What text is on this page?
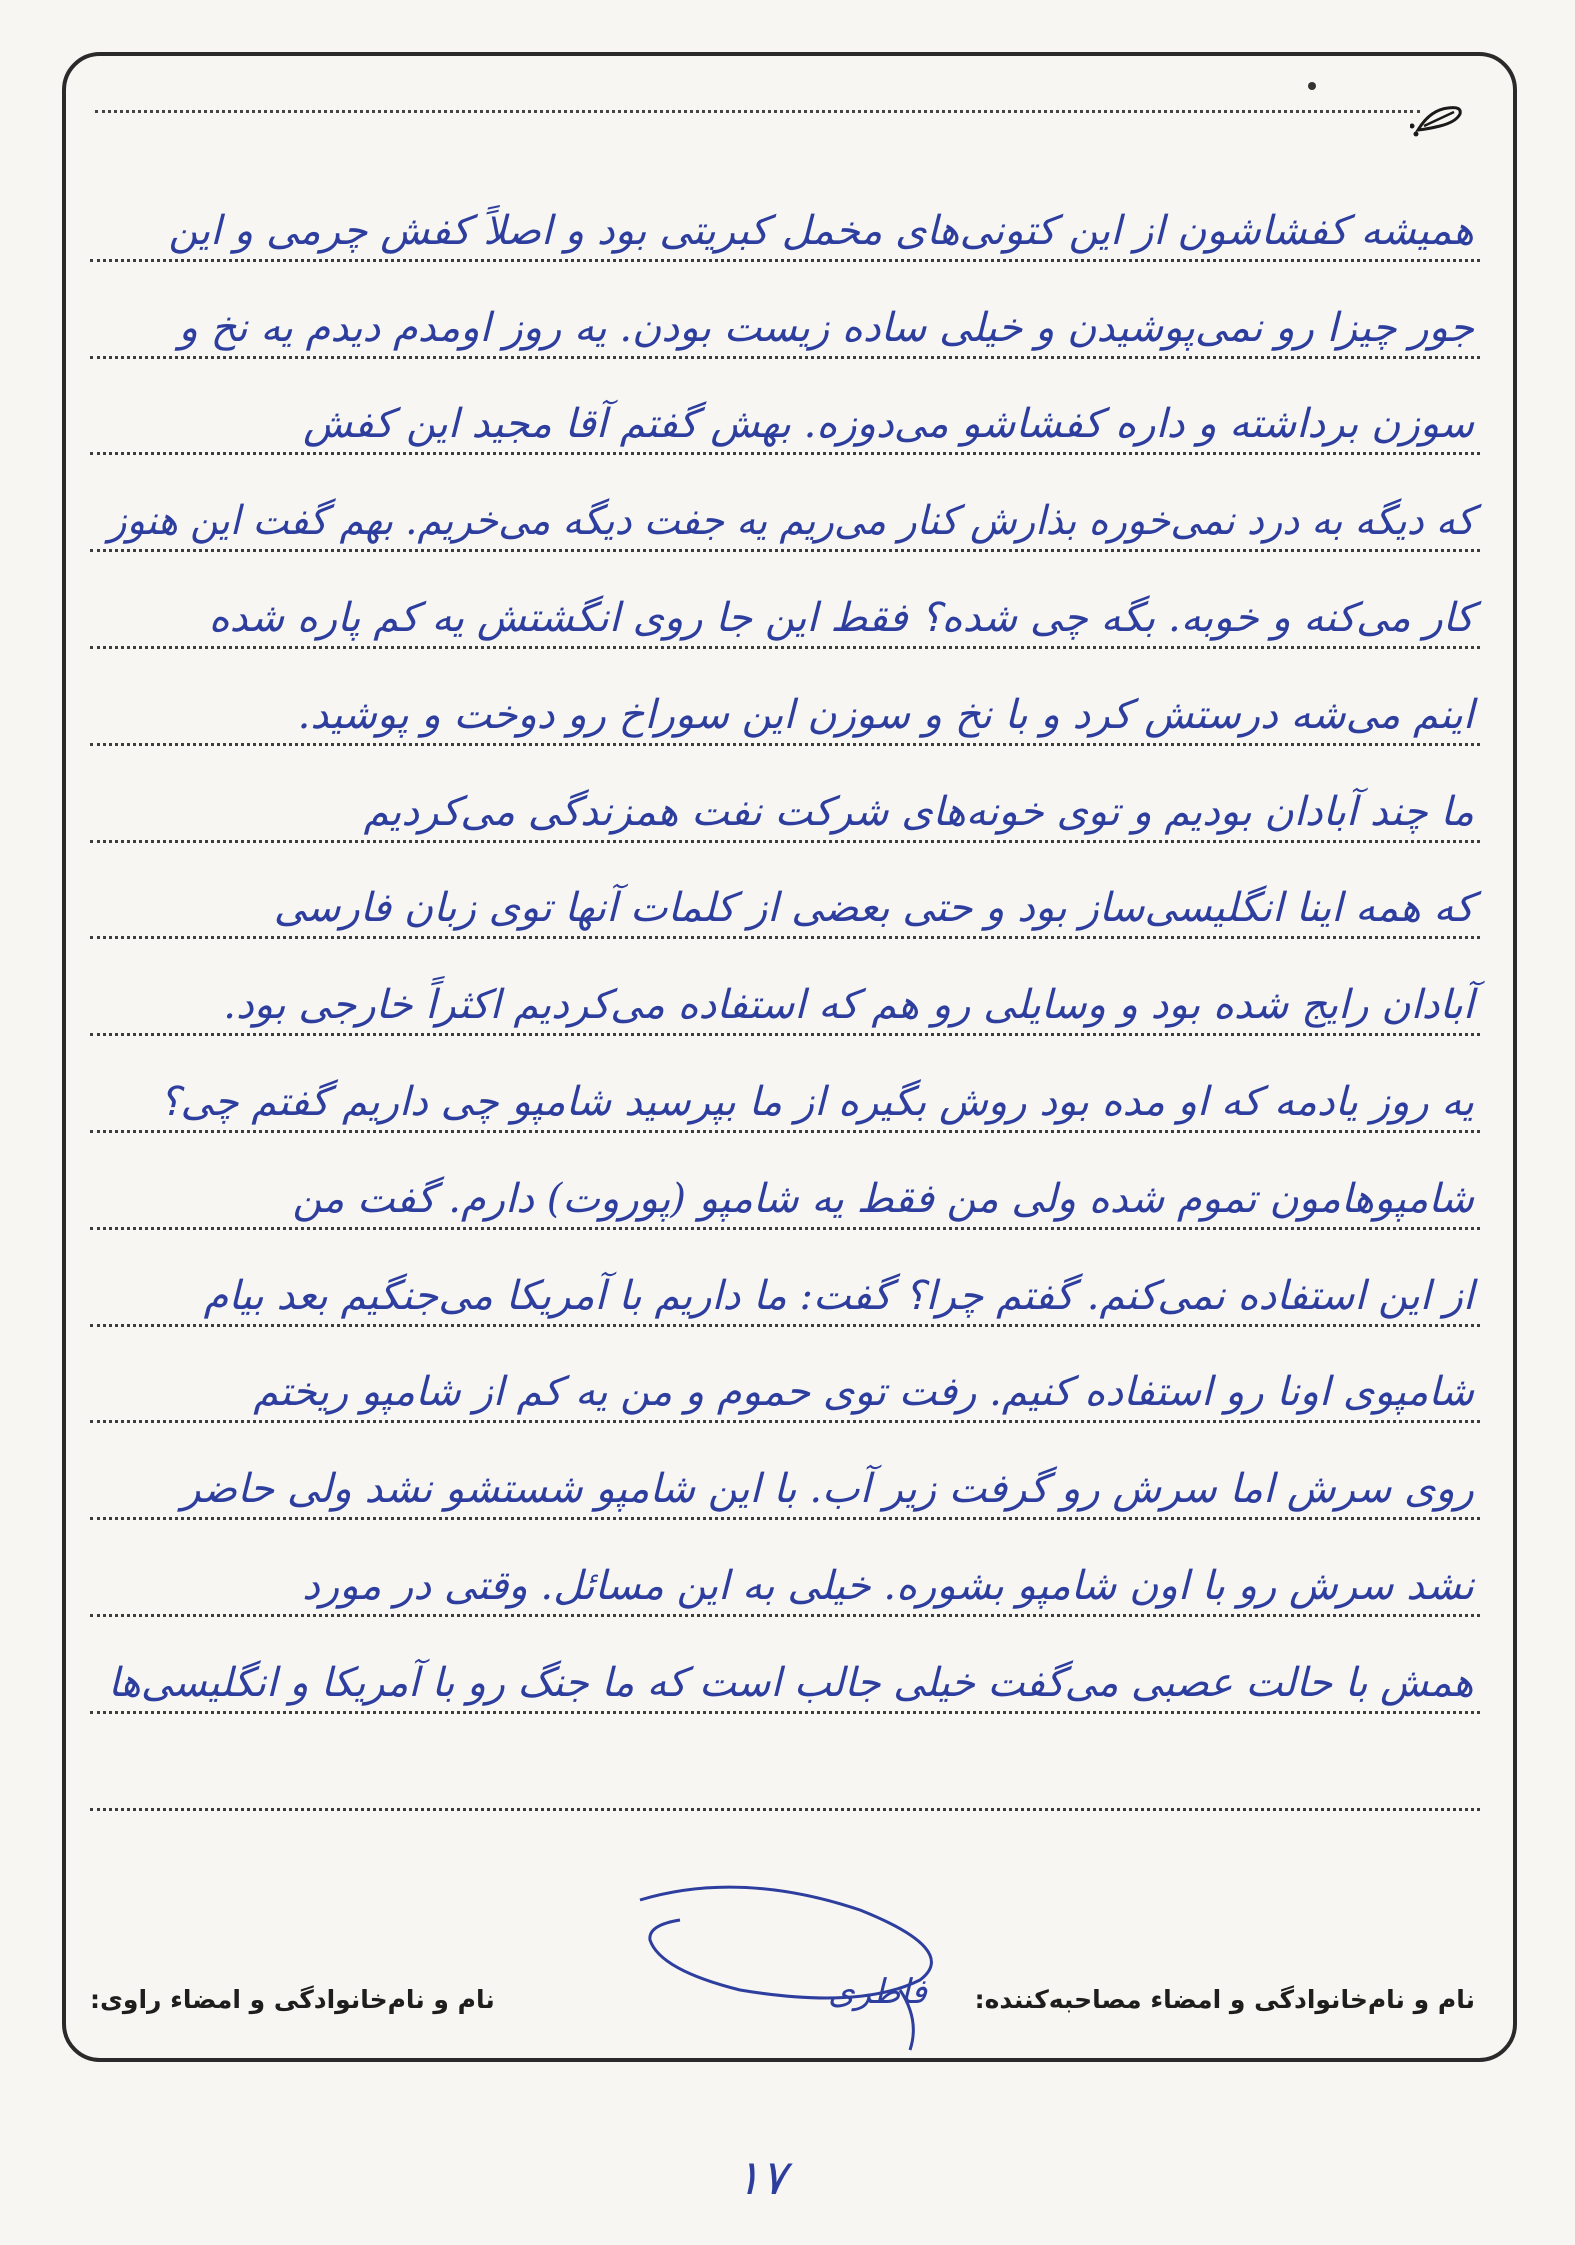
همیشه کفشاشون از این کتونی‌های مخمل کبریتی بود و اصلاً کفش چرمی و این
جور چیزا رو نمی‌پوشیدن و خیلی ساده زیست بودن. یه روز اومدم دیدم یه نخ و
سوزن برداشته و داره کفشاشو می‌دوزه. بهش گفتم آقا مجید این کفش
که دیگه به درد نمی‌خوره بذارش کنار می‌ریم یه جفت دیگه می‌خریم. بهم گفت این هنوز
کار می‌کنه و خوبه. بگه چی شده؟ فقط این جا روی انگشتش یه کم پاره شده
اینم می‌شه درستش کرد و با نخ و سوزن این سوراخ رو دوخت و پوشید.
ما چند آبادان بودیم و توی خونه‌های شرکت نفت همزندگی می‌کردیم
که همه اینا انگلیسی‌ساز بود و حتی بعضی از کلمات آنها توی زبان فارسی
آبادان رایج شده بود و وسایلی رو هم که استفاده می‌کردیم اکثراً خارجی بود.
یه روز یادمه که او مده بود روش بگیره از ما بپرسید شامپو چی داریم گفتم چی؟
شامپوهامون تموم شده ولی من فقط یه شامپو (پوروت) دارم. گفت من
از این استفاده نمی‌کنم. گفتم چرا؟ گفت: ما داریم با آمریکا می‌جنگیم بعد بیام
شامپوی اونا رو استفاده کنیم. رفت توی حموم و من یه کم از شامپو ریختم
روی سرش اما سرش رو گرفت زیر آب. با این شامپو شستشو نشد ولی حاضر
نشد سرش رو با اون شامپو بشوره. خیلی به این مسائل. وقتی در مورد
همش با حالت عصبی می‌گفت خیلی جالب است که ما جنگ رو با آمریکا و انگلیسی‌ها
نام و نام‌خانوادگی و امضاء مصاحبه‌کننده:
نام و نام‌خانوادگی و امضاء راوی:	فاطری
۱۷
